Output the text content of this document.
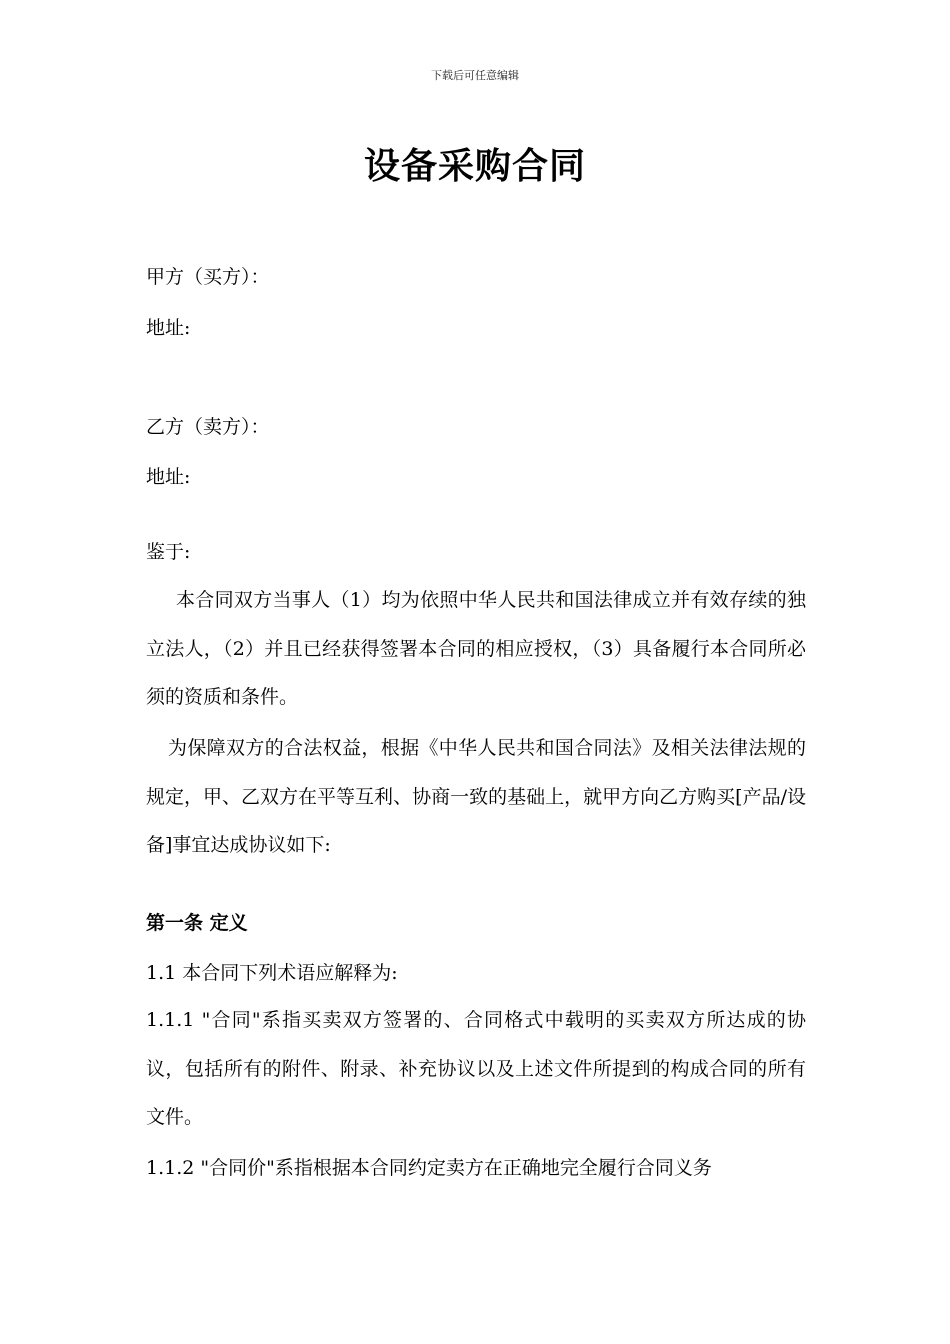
下载后可任意编辑
设备采购合同
甲方（买方）：
地址:
乙方（卖方）：
地址:
鉴于:

本合同双方当事人（1）均为依照中华人民共和国法律成立并有效存续的独立法人，（2）并且已经获得签署本合同的相应授权，（3）具备履行本合同所必须的资质和条件。

为保障双方的合法权益，根据《中华人民共和国合同法》及相关法律法规的规定，甲、乙双方在平等互利、协商一致的基础上，就甲方向乙方购买[产品/设备]事宜达成协议如下:

第一条 定义
1.1 本合同下列术语应解释为:

1.1.1 "合同"系指买卖双方签署的、合同格式中载明的买卖双方所达成的协议，包括所有的附件、附录、补充协议以及上述文件所提到的构成合同的所有文件。

1.1.2 "合同价"系指根据本合同约定卖方在正确地完全履行合同义务
